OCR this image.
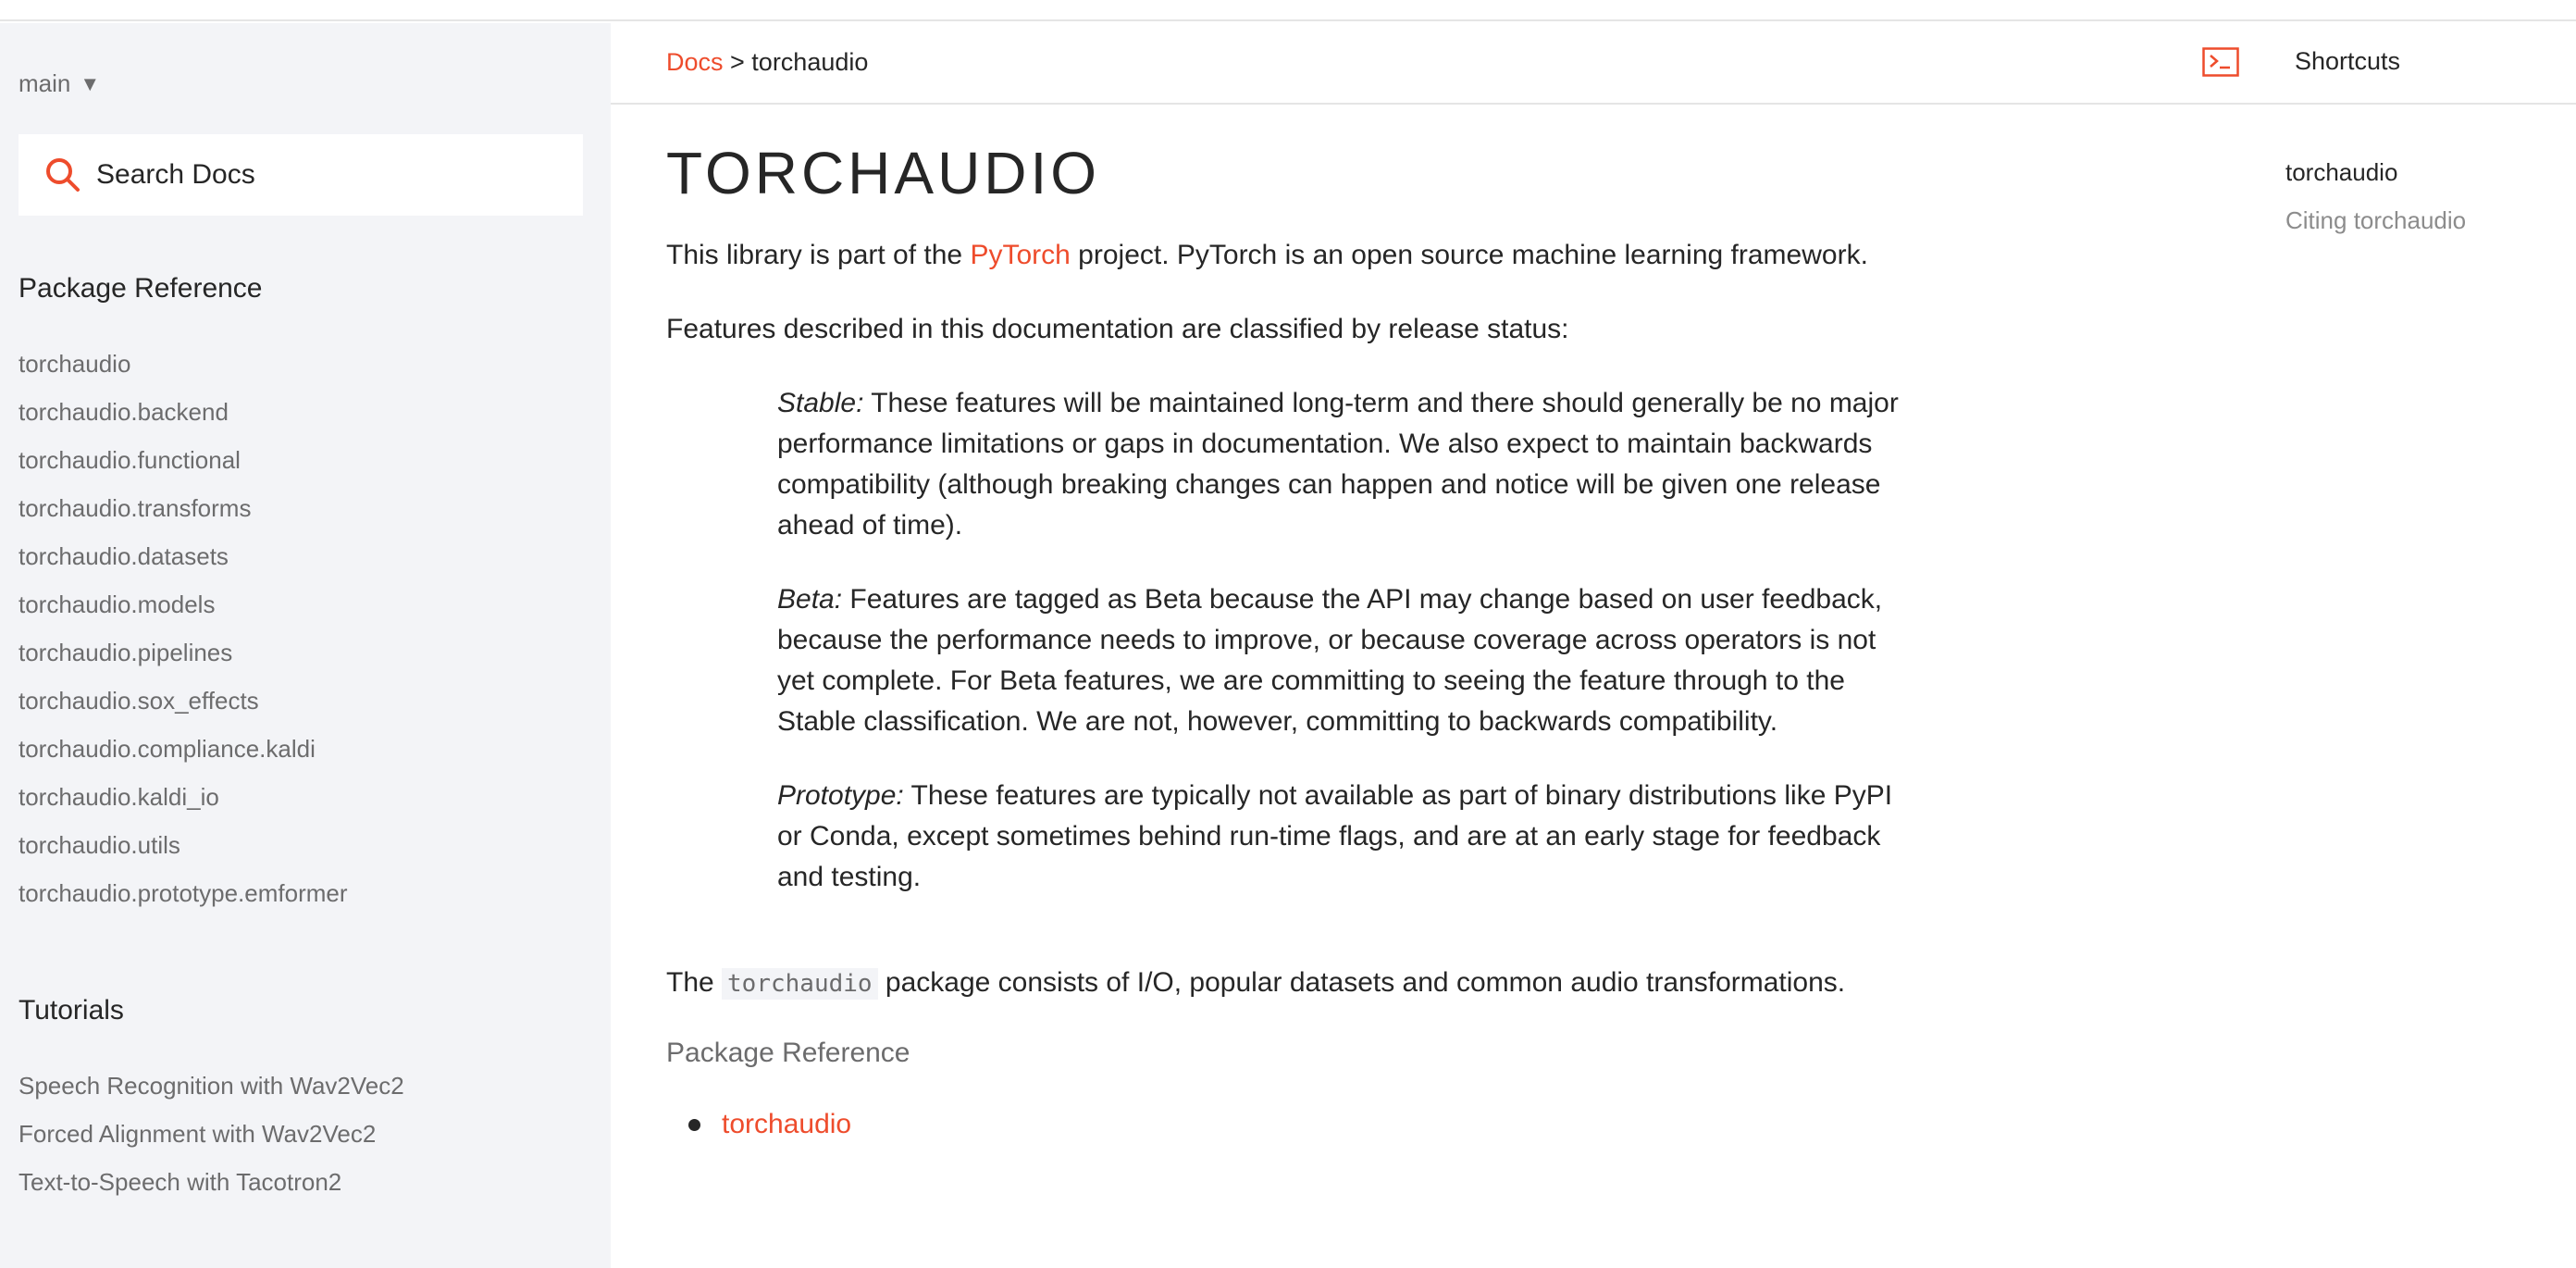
main ▼
Search Docs
Package Reference
torchaudio
torchaudio.backend
torchaudio.functional
torchaudio.transforms
torchaudio.datasets
torchaudio.models
torchaudio.pipelines
torchaudio.sox_effects
torchaudio.compliance.kaldi
torchaudio.kaldi_io
torchaudio.utils
torchaudio.prototype.emformer
Tutorials
Speech Recognition with Wav2Vec2
Forced Alignment with Wav2Vec2
Text-to-Speech with Tacotron2
Docs > torchaudio	Shortcuts
TORCHAUDIO

This library is part of the PyTorch project. PyTorch is an open source machine learning framework.

Features described in this documentation are classified by release status:

Stable: These features will be maintained long-term and there should generally be no major performance limitations or gaps in documentation. We also expect to maintain backwards compatibility (although breaking changes can happen and notice will be given one release ahead of time).

Beta: Features are tagged as Beta because the API may change based on user feedback, because the performance needs to improve, or because coverage across operators is not yet complete. For Beta features, we are committing to seeing the feature through to the Stable classification. We are not, however, committing to backwards compatibility.

Prototype: These features are typically not available as part of binary distributions like PyPI or Conda, except sometimes behind run-time flags, and are at an early stage for feedback and testing.

The torchaudio package consists of I/O, popular datasets and common audio transformations.

Package Reference
torchaudio
torchaudio
Citing torchaudio
